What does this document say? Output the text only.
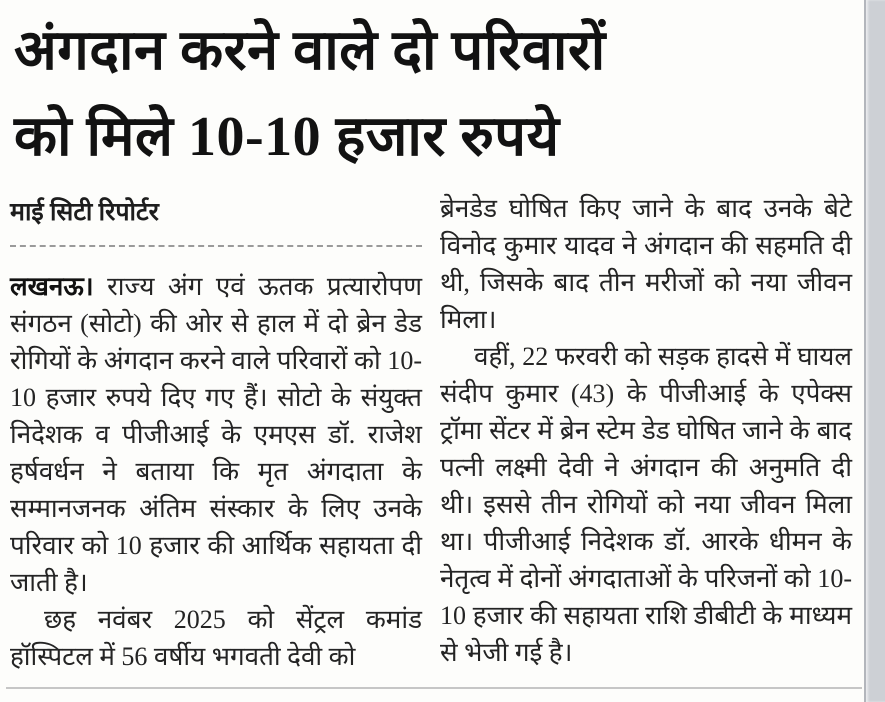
अंगदान करने वाले दो परिवारों
को मिले 10-10 हजार रुपये
माई सिटी रिपोर्टर

लखनऊ। राज्य अंग एवं ऊतक प्रत्यारोपण संगठन (सोटो) की ओर से हाल में दो ब्रेन डेड रोगियों के अंगदान करने वाले परिवारों को 10-10 हजार रुपये दिए गए हैं। सोटो के संयुक्त निदेशक व पीजीआई के एमएस डॉ. राजेश हर्षवर्धन ने बताया कि मृत अंगदाता के सम्मानजनक अंतिम संस्कार के लिए उनके परिवार को 10 हजार की आर्थिक सहायता दी जाती है।

छह नवंबर 2025 को सेंट्रल कमांड हॉस्पिटल में 56 वर्षीय भगवती देवी को

ब्रेनडेड घोषित किए जाने के बाद उनके बेटे विनोद कुमार यादव ने अंगदान की सहमति दी थी, जिसके बाद तीन मरीजों को नया जीवन मिला।

वहीं, 22 फरवरी को सड़क हादसे में घायल संदीप कुमार (43) के पीजीआई के एपेक्स ट्रॉमा सेंटर में ब्रेन स्टेम डेड घोषित जाने के बाद पत्नी लक्ष्मी देवी ने अंगदान की अनुमति दी थी। इससे तीन रोगियों को नया जीवन मिला था। पीजीआई निदेशक डॉ. आरके धीमन के नेतृत्व में दोनों अंगदाताओं के परिजनों को 10-10 हजार की सहायता राशि डीबीटी के माध्यम से भेजी गई है।
